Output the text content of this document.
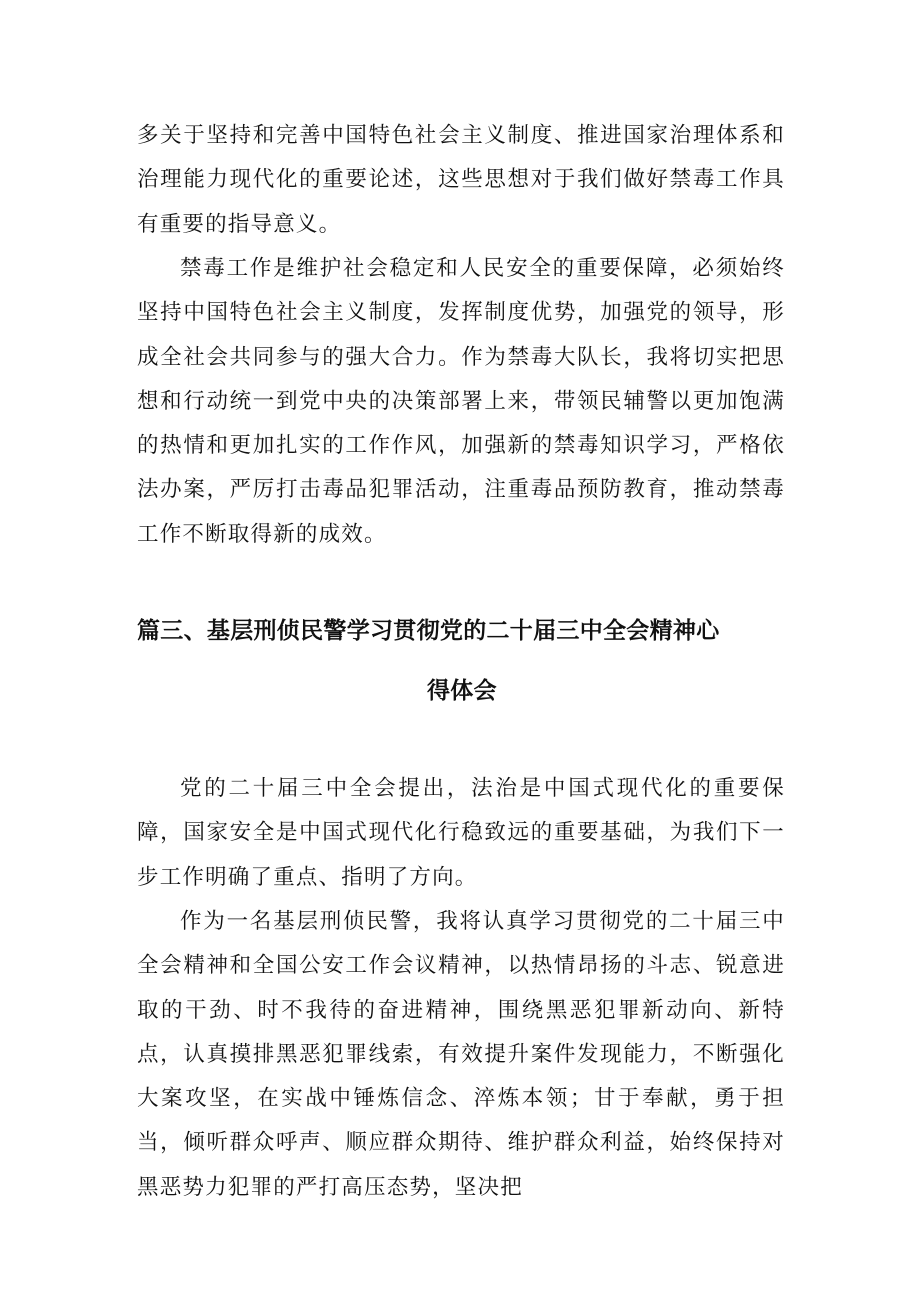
多关于坚持和完善中国特色社会主义制度、推进国家治理体系和治理能力现代化的重要论述，这些思想对于我们做好禁毒工作具有重要的指导意义。

禁毒工作是维护社会稳定和人民安全的重要保障，必须始终坚持中国特色社会主义制度，发挥制度优势，加强党的领导，形成全社会共同参与的强大合力。作为禁毒大队长，我将切实把思想和行动统一到党中央的决策部署上来，带领民辅警以更加饱满的热情和更加扎实的工作作风，加强新的禁毒知识学习，严格依法办案，严厉打击毒品犯罪活动，注重毒品预防教育，推动禁毒工作不断取得新的成效。

篇三、基层刑侦民警学习贯彻党的二十届三中全会精神心
得体会

党的二十届三中全会提出，法治是中国式现代化的重要保障，国家安全是中国式现代化行稳致远的重要基础，为我们下一步工作明确了重点、指明了方向。

作为一名基层刑侦民警，我将认真学习贯彻党的二十届三中全会精神和全国公安工作会议精神，以热情昂扬的斗志、锐意进取的干劲、时不我待的奋进精神，围绕黑恶犯罪新动向、新特点，认真摸排黑恶犯罪线索，有效提升案件发现能力，不断强化大案攻坚，在实战中锤炼信念、淬炼本领；甘于奉献，勇于担当，倾听群众呼声、顺应群众期待、维护群众利益，始终保持对黑恶势力犯罪的严打高压态势，坚决把
